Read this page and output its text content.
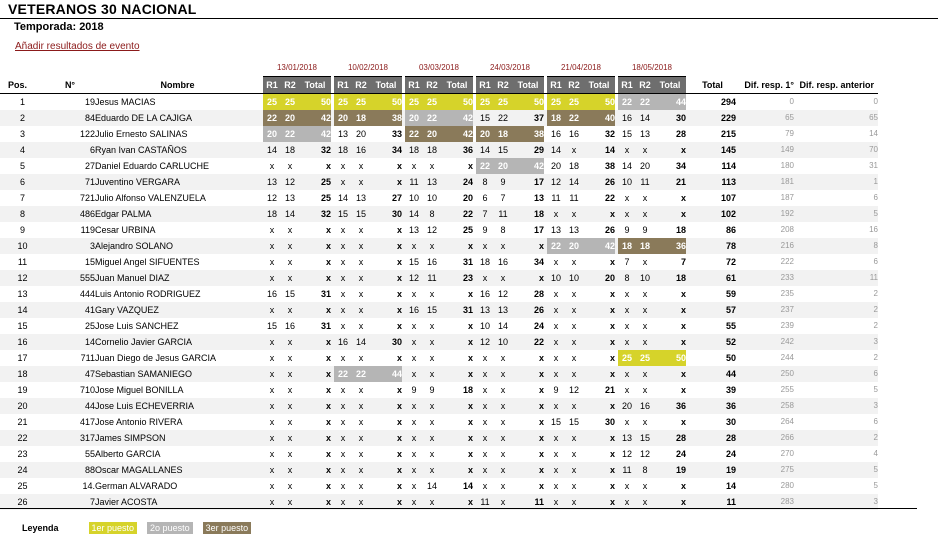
VETERANOS 30 NACIONAL
Temporada: 2018
Añadir resultados de evento
				13/01/2018				10/02/2018				03/03/2018				24/03/2018				21/04/2018				18/05/2018						
Pos.	N°	Nombre		R1	R2	Total		R1	R2	Total		R1	R2	Total		R1	R2	Total		R1	R2	Total		R1	R2	Total		Total	Dif. resp. 1°	Dif. resp. anterior
1	19	Jesus MACIAS		25	25	50		25	25	50		25	25	50		25	25	50		25	25	50		22	22	44		294	0	0
2	84	Eduardo DE LA CAJIGA		22	20	42		20	18	38		20	22	42		15	22	37		18	22	40		16	14	30		229	65	65
3	122	Julio Ernesto SALINAS		20	22	42		13	20	33		22	20	42		20	18	38		16	16	32		15	13	28		215	79	14
4	6	Ryan Ivan CASTAÑOS		14	18	32		18	16	34		18	18	36		14	15	29		14	x	14		x	x	x		145	149	70
5	27	Daniel Eduardo CARLUCHE		x	x	x		x	x	x		x	x	x		22	20	42		20	18	38		14	20	34		114	180	31
6	71	Juventino VERGARA		13	12	25		x	x	x		11	13	24		8	9	17		12	14	26		10	11	21		113	181	1
7	721	Julio Alfonso VALENZUELA		12	13	25		14	13	27		10	10	20		6	7	13		11	11	22		x	x	x		107	187	6
8	486	Edgar PALMA		18	14	32		15	15	30		14	8	22		7	11	18		x	x	x		x	x	x		102	192	5
9	119	Cesar URBINA		x	x	x		x	x	x		13	12	25		9	8	17		13	13	26		9	9	18		86	208	16
10	3	Alejandro SOLANO		x	x	x		x	x	x		x	x	x		x	x	x		22	20	42		18	18	36		78	216	8
11	15	Miguel Angel SIFUENTES		x	x	x		x	x	x		15	16	31		18	16	34		x	x	x		7	x	7		72	222	6
12	555	Juan Manuel DIAZ		x	x	x		x	x	x		12	11	23		x	x	x		10	10	20		8	10	18		61	233	11
13	444	Luis Antonio RODRIGUEZ		16	15	31		x	x	x		x	x	x		16	12	28		x	x	x		x	x	x		59	235	2
14	41	Gary VAZQUEZ		x	x	x		x	x	x		16	15	31		13	13	26		x	x	x		x	x	x		57	237	2
15	25	Jose Luis SANCHEZ		15	16	31		x	x	x		x	x	x		10	14	24		x	x	x		x	x	x		55	239	2
16	14	Cornelio Javier GARCIA		x	x	x		16	14	30		x	x	x		12	10	22		x	x	x		x	x	x		52	242	3
17	711	Juan Diego de Jesus GARCIA		x	x	x		x	x	x		x	x	x		x	x	x		x	x	x		25	25	50		50	244	2
18	47	Sebastian SAMANIEGO		x	x	x		22	22	44		x	x	x		x	x	x		x	x	x		x	x	x		44	250	6
19	710	Jose Miguel BONILLA		x	x	x		x	x	x		9	9	18		x	x	x		9	12	21		x	x	x		39	255	5
20	44	Jose Luis ECHEVERRIA		x	x	x		x	x	x		x	x	x		x	x	x		x	x	x		20	16	36		36	258	3
21	417	Jose Antonio RIVERA		x	x	x		x	x	x		x	x	x		x	x	x		15	15	30		x	x	x		30	264	6
22	317	James SIMPSON		x	x	x		x	x	x		x	x	x		x	x	x		x	x	x		13	15	28		28	266	2
23	55	Alberto GARCIA		x	x	x		x	x	x		x	x	x		x	x	x		x	x	x		12	12	24		24	270	4
24	88	Oscar MAGALLANES		x	x	x		x	x	x		x	x	x		x	x	x		x	x	x		11	8	19		19	275	5
25	14.	German ALVARADO		x	x	x		x	x	x		x	14	14		x	x	x		x	x	x		x	x	x		14	280	5
26	7	Javier ACOSTA		x	x	x		x	x	x		x	x	x		11	x	11		x	x	x		x	x	x		11	283	3
Leyenda	1er puesto	2o puesto	3er puesto
